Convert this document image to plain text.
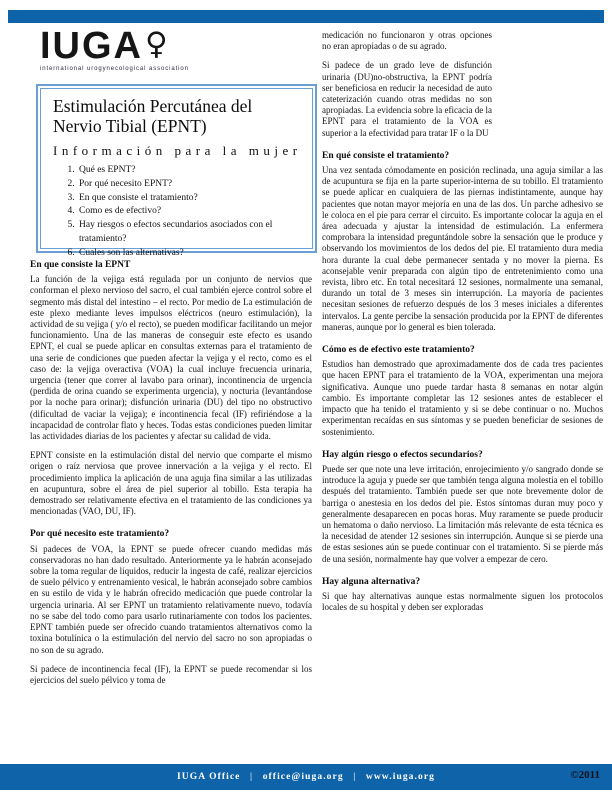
IUGA ♀
international urogynecological association
Estimulación Percutánea del Nervio Tibial (EPNT)
Información para la mujer
1. Qué es EPNT?
2. Por qué necesito EPNT?
3. En que consiste el tratamiento?
4. Como es de efectivo?
5. Hay riesgos o efectos secundarios asociados con el tratamiento?
6. Cuales son las alternativas?
En que consiste la EPNT

La función de la vejiga está regulada por un conjunto de nervios que conforman el plexo nervioso del sacro, el cual también ejerce control sobre el segmento más distal del intestino – el recto. Por medio de La estimulación de este plexo mediante leves impulsos eléctricos (neuro estimulación), la actividad de su vejiga ( y/o el recto), se pueden modificar facilitando un mejor funcionamiento. Una de las maneras de conseguir este efecto es usando EPNT, el cual se puede aplicar en consultas externas para el tratamiento de una serie de condiciones que pueden afectar la vejiga y el recto, como es el caso de: la vejiga overactiva (VOA) la cual incluye frecuencia urinaria, urgencia (tener que correr al lavabo para orinar), incontinencia de urgencia (perdida de orina cuando se experimenta urgencia), y nocturia (levantándose por la noche para orinar); disfunción urinaria (DU) del tipo no obstructivo (dificultad de vaciar la vejiga); e incontinencia fecal (IF) refiriéndose a la incapacidad de controlar flato y heces. Todas estas condiciones pueden limitar las actividades diarias de los pacientes y afectar su calidad de vida.

EPNT consiste en la estimulación distal del nervio que comparte el mismo origen o raíz nerviosa que provee innervación a la vejiga y el recto. El procedimiento implica la aplicación de una aguja fina similar a las utilizadas en acupuntura, sobre el área de piel superior al tobillo. Esta terapia ha demostrado ser relativamente efectiva en el tratamiento de las condiciones ya mencionadas (VAO, DU, IF).

Por qué necesito este tratamiento?

Si padeces de VOA, la EPNT se puede ofrecer cuando medidas más conservadoras no han dado resultado. Anteriormente ya le habrán aconsejado sobre la toma regular de líquidos, reducir la ingesta de café, realizar ejercicios de suelo pélvico y entrenamiento vesical, le habrán aconsejado sobre cambios en su estilo de vida y le habrán ofrecido medicación que puede controlar la urgencia urinaria. Al ser EPNT un tratamiento relativamente nuevo, todavía no se sabe del todo como para usarlo rutinariamente con todos los pacientes. EPNT también puede ser ofrecido cuando tratamientos alternativos como la toxina botulínica o la estimulación del nervio del sacro no son apropiadas o no son de su agrado.

Si padece de incontinencia fecal (IF), la EPNT se puede recomendar si los ejercicios del suelo pélvico y toma de

medicación no funcionaron y otras opciones no eran apropiadas o de su agrado.

Si padece de un grado leve de disfunción urinaria (DU)no-obstructiva, la EPNT podría ser beneficiosa en reducir la necesidad de auto cateterización cuando otras medidas no son apropiadas. La evidencia sobre la eficacia de la EPNT para el tratamiento de la VOA es superior a la efectividad para tratar IF o la DU

En qué consiste el tratamiento?

Una vez sentada cómodamente en posición reclinada, una aguja similar a las de acupuntura se fija en la parte superior-interna de su tobillo. El tratamiento se puede aplicar en cualquiera de las piernas indistintamente, aunque hay pacientes que notan mayor mejoría en una de las dos. Un parche adhesivo se le coloca en el pie para cerrar el circuito. Es importante colocar la aguja en el área adecuada y ajustar la intensidad de estimulación. La enfermera comprobara la intensidad preguntándole sobre la sensación que le produce y observando los movimientos de los dedos del pie. El tratamiento dura media hora durante la cual debe permanecer sentada y no mover la pierna. Es aconsejable venir preparada con algún tipo de entretenimiento como una revista, libro etc. En total necesitará 12 sesiones, normalmente una semanal, durando un total de 3 meses sin interrupción. La mayoría de pacientes necesitan sesiones de refuerzo después de los 3 meses iniciales a diferentes intervalos. La gente percibe la sensación producida por la EPNT de diferentes maneras, aunque por lo general es bien tolerada.

Cómo es de efectivo este tratamiento?

Estudios han demostrado que aproximadamente dos de cada tres pacientes que hacen EPNT para el tratamiento de la VOA, experimentan una mejora significativa. Aunque uno puede tardar hasta 8 semanas en notar algún cambio. Es importante completar las 12 sesiones antes de establecer el impacto que ha tenido el tratamiento y si se debe continuar o no. Muchos experimentan recaídas en sus síntomas y se pueden beneficiar de sesiones de sostenimiento.

Hay algún riesgo o efectos secundarios?

Puede ser que note una leve irritación, enrojecimiento y/o sangrado donde se introduce la aguja y puede ser que también tenga alguna molestia en el tobillo después del tratamiento. También puede ser que note brevemente dolor de barriga o anestesia en los dedos del pie. Estos síntomas duran muy poco y generalmente desaparecen en pocas horas. Muy raramente se puede producir un hematoma o daño nervioso. La limitación más relevante de esta técnica es la necesidad de atender 12 sesiones sin interrupción. Aunque si se pierde una de estas sesiones aún se puede continuar con el tratamiento. Si se pierde más de una sesión, normalmente hay que volver a empezar de cero.

Hay alguna alternativa?

Si que hay alternativas aunque estas normalmente siguen los protocolos locales de su hospital y deben ser exploradas

IUGA Office | office@iuga.org | www.iuga.org	©2011
